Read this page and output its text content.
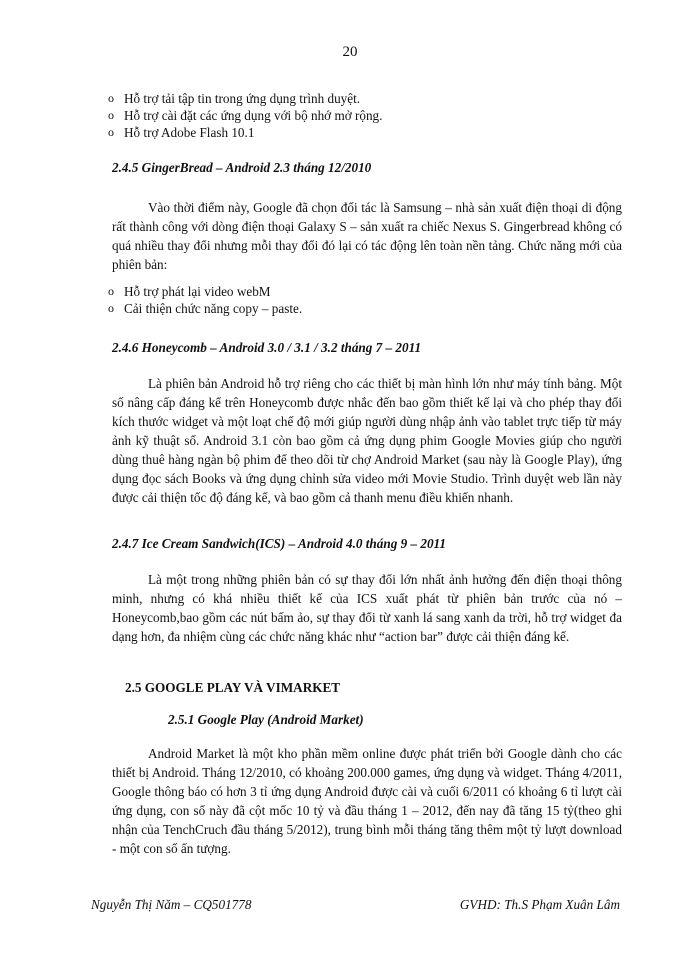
20
o Hỗ trợ tải tập tin trong ứng dụng trình duyệt.
o Hỗ trợ cài đặt các ứng dụng với bộ nhớ mở rộng.
o Hỗ trợ Adobe Flash 10.1
2.4.5 GingerBread – Android 2.3 tháng 12/2010
Vào thời điểm này, Google đã chọn đối tác là Samsung – nhà sản xuất điện thoại di động rất thành công với dòng điện thoại Galaxy S – sản xuất ra chiếc Nexus S. Gingerbread không có quá nhiều thay đổi nhưng mỗi thay đổi đó lại có tác động lên toàn nền tảng. Chức năng mới của phiên bản:
o Hỗ trợ phát lại video webM
o Cải thiện chức năng copy – paste.
2.4.6 Honeycomb – Android 3.0 / 3.1 / 3.2 tháng 7 – 2011
Là phiên bản Android hỗ trợ riêng cho các thiết bị màn hình lớn như máy tính bảng. Một số nâng cấp đáng kể trên Honeycomb được nhắc đến bao gồm thiết kế lại và cho phép thay đổi kích thước widget và một loạt chế độ mới giúp người dùng nhập ảnh vào tablet trực tiếp từ máy ảnh kỹ thuật số. Android 3.1 còn bao gồm cả ứng dụng phim Google Movies giúp cho người dùng thuê hàng ngàn bộ phim để theo dõi từ chợ Android Market (sau này là Google Play), ứng dụng đọc sách Books và ứng dụng chỉnh sửa video mới Movie Studio. Trình duyệt web lần này được cải thiện tốc độ đáng kể, và bao gồm cả thanh menu điều khiển nhanh.
2.4.7 Ice Cream Sandwich(ICS) – Android 4.0 tháng 9 – 2011
Là một trong những phiên bản có sự thay đổi lớn nhất ảnh hưởng đến điện thoại thông minh, nhưng có khá nhiều thiết kế của ICS xuất phát từ phiên bản trước của nó – Honeycomb,bao gồm các nút bấm ảo, sự thay đổi từ xanh lá sang xanh da trời, hỗ trợ widget đa dạng hơn, đa nhiệm cùng các chức năng khác như “action bar” được cải thiện đáng kể.
2.5 GOOGLE PLAY VÀ VIMARKET
2.5.1 Google Play (Android Market)
Android Market là một kho phần mềm online được phát triển bởi Google dành cho các thiết bị Android. Tháng 12/2010, có khoảng 200.000 games, ứng dụng và widget. Tháng 4/2011, Google thông báo có hơn 3 tỉ ứng dụng Android được cài và cuối 6/2011 có khoảng 6 tỉ lượt cài ứng dụng, con số này đã cột mốc 10 tỷ và đầu tháng 1 – 2012, đến nay đã tăng 15 tỷ(theo ghi nhận của TenchCruch đầu tháng 5/2012), trung bình mỗi tháng tăng thêm một tỷ lượt download - một con số ấn tượng.
Nguyễn Thị Năm – CQ501778	GVHD: Th.S Phạm Xuân Lâm
